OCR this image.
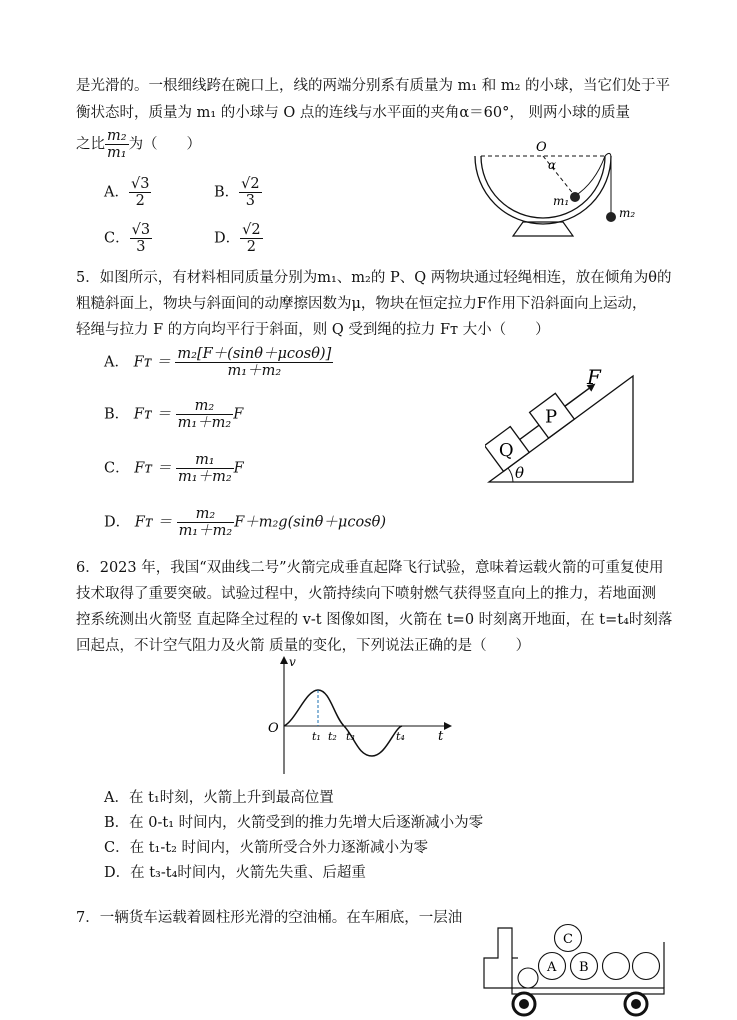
是光滑的。一根细线跨在碗口上，线的两端分别系有质量为 m₁ 和 m₂ 的小球，当它们处于平
衡状态时，质量为 m₁ 的小球与 O 点的连线与水平面的夹角α＝60°， 则两小球的质量
之比 $\frac{\text{m₂}}{\text{m₁}}$ 为（　　）
A． $\frac{√3}{2}$	B． $\frac{√2}{3}$
C． $\frac{√3}{3}$	D． $\frac{√2}{2}$
O
α
m₁
m₂
5．如图所示，有材料相同质量分别为m₁、m₂的 P、Q 两物块通过轻绳相连，放在倾角为θ的
粗糙斜面上，物块与斜面间的动摩擦因数为μ，物块在恒定拉力F作用下沿斜面向上运动，
轻绳与拉力 F 的方向均平行于斜面，则 Q 受到绳的拉力 Fᴛ 大小（　　）
A． Fᴛ ＝ $\frac{\text{m₂[F＋(sinθ＋μcosθ)]}}{\text{m₁＋m₂}}$
B． Fᴛ ＝ $\frac{\text{m₂}}{\text{m₁＋m₂}}$ F
C． Fᴛ ＝ $\frac{\text{m₁}}{\text{m₁＋m₂}}$ F
D． Fᴛ ＝ $\frac{\text{m₂}}{\text{m₁＋m₂}} F+m_2g(\sin\theta+\mu\cos\theta)$
Q
P
θ
F
6．2023 年，我国“双曲线二号”火箭完成垂直起降飞行试验，意味着运载火箭的可重复使用
技术取得了重要突破。试验过程中，火箭持续向下喷射燃气获得竖直向上的推力，若地面测
控系统测出火箭竖 直起降全过程的 v-t 图像如图，火箭在 t=0 时刻离开地面，在 t=t₄时刻落
回起点，不计空气阻力及火箭 质量的变化，下列说法正确的是（　　）
v
O
t
t₁ t₂ t₃	t₄
A．在 t₁时刻，火箭上升到最高位置
B．在 0-t₁ 时间内，火箭受到的推力先增大后逐渐减小为零
C．在 t₁-t₂ 时间内，火箭所受合外力逐渐减小为零
D．在 t₃-t₄时间内，火箭先失重、后超重
7．一辆货车运载着圆柱形光滑的空油桶。在车厢底，一层油
A B
C
